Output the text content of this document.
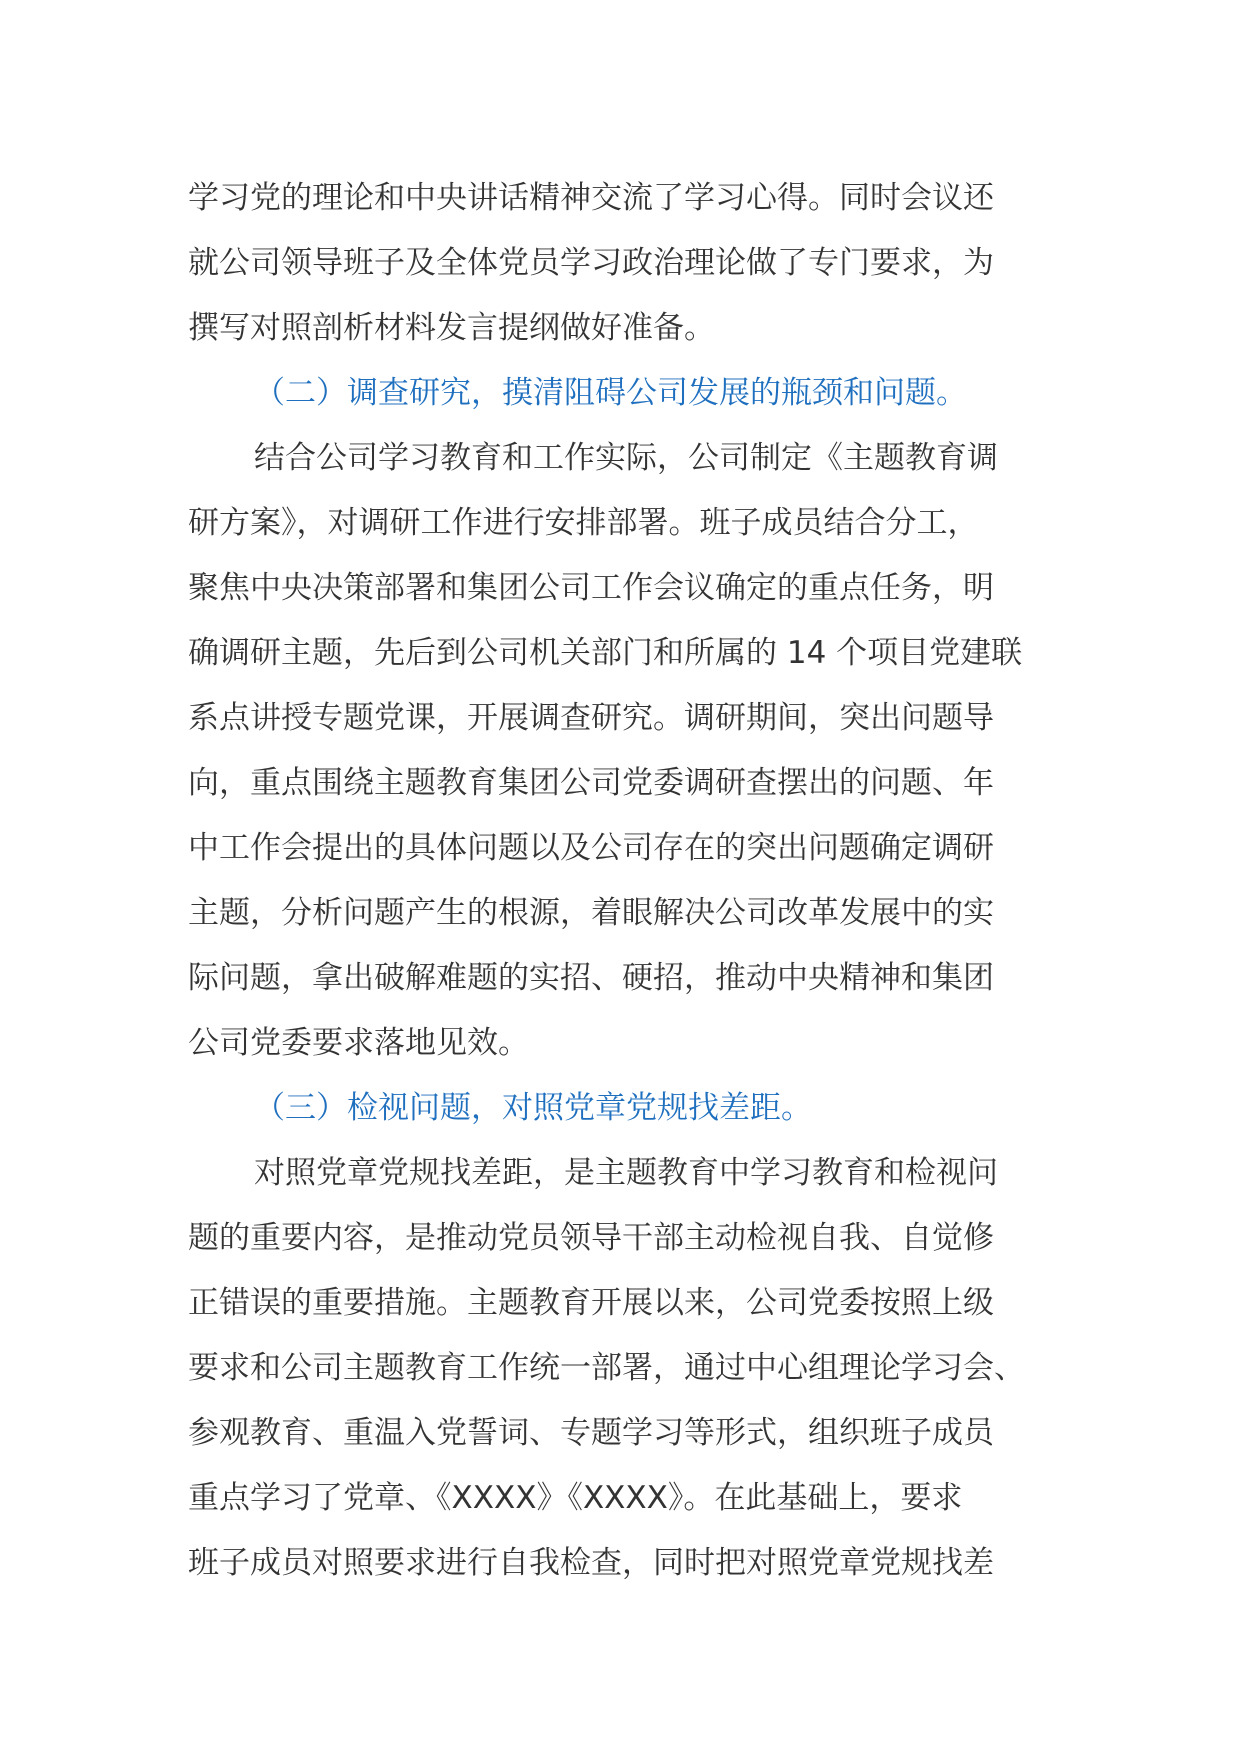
学习党的理论和中央讲话精神交流了学习心得。同时会议还
就公司领导班子及全体党员学习政治理论做了专门要求，为
撰写对照剖析材料发言提纲做好准备。
（二）调查研究，摸清阻碍公司发展的瓶颈和问题。
结合公司学习教育和工作实际，公司制定《主题教育调
研方案》，对调研工作进行安排部署。班子成员结合分工，
聚焦中央决策部署和集团公司工作会议确定的重点任务，明
确调研主题，先后到公司机关部门和所属的 14 个项目党建联
系点讲授专题党课，开展调查研究。调研期间，突出问题导
向，重点围绕主题教育集团公司党委调研查摆出的问题、年
中工作会提出的具体问题以及公司存在的突出问题确定调研
主题，分析问题产生的根源，着眼解决公司改革发展中的实
际问题，拿出破解难题的实招、硬招，推动中央精神和集团
公司党委要求落地见效。
（三）检视问题，对照党章党规找差距。
对照党章党规找差距，是主题教育中学习教育和检视问
题的重要内容，是推动党员领导干部主动检视自我、自觉修
正错误的重要措施。主题教育开展以来，公司党委按照上级
要求和公司主题教育工作统一部署，通过中心组理论学习会、
参观教育、重温入党誓词、专题学习等形式，组织班子成员
重点学习了党章、《XXXX》《XXXX》。在此基础上，要求
班子成员对照要求进行自我检查，同时把对照党章党规找差
